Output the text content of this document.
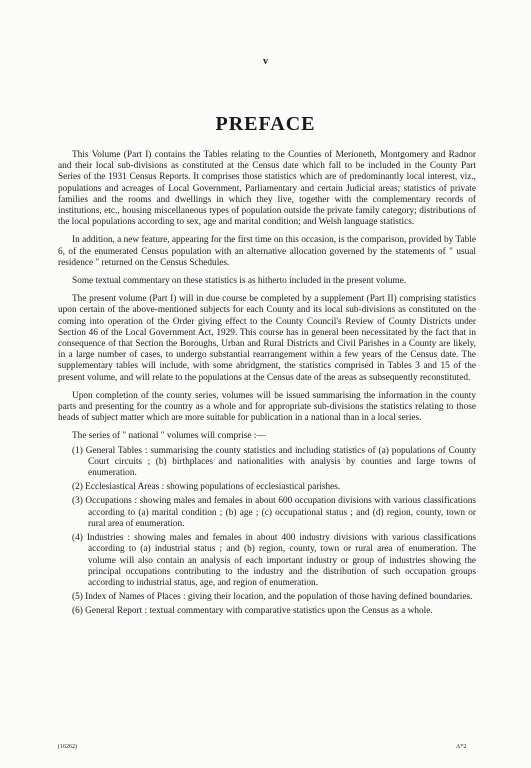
v
PREFACE

This Volume (Part I) contains the Tables relating to the Counties of Merioneth, Montgomery and Radnor and their local sub-divisions as constituted at the Census date which fall to be included in the County Part Series of the 1931 Census Reports. It comprises those statistics which are of predominantly local interest, viz., populations and acreages of Local Government, Parliamentary and certain Judicial areas; statistics of private families and the rooms and dwellings in which they live, together with the complementary records of institutions, etc., housing miscellaneous types of population outside the private family category; distributions of the local populations according to sex, age and marital condition; and Welsh language statistics.

In addition, a new feature, appearing for the first time on this occasion, is the comparison, provided by Table 6, of the enumerated Census population with an alternative allocation governed by the statements of " usual residence " returned on the Census Schedules.

Some textual commentary on these statistics is as hitherto included in the present volume.

The present volume (Part I) will in due course be completed by a supplement (Part II) comprising statistics upon certain of the above-mentioned subjects for each County and its local sub-divisions as constituted on the coming into operation of the Order giving effect to the County Council's Review of County Districts under Section 46 of the Local Government Act, 1929. This course has in general been necessitated by the fact that in consequence of that Section the Boroughs, Urban and Rural Districts and Civil Parishes in a County are likely, in a large number of cases, to undergo substantial rearrangement within a few years of the Census date. The supplementary tables will include, with some abridgment, the statistics comprised in Tables 3 and 15 of the present volume, and will relate to the populations at the Census date of the areas as subsequently reconstituted.

Upon completion of the county series, volumes will be issued summarising the information in the county parts and presenting for the country as a whole and for appropriate sub-divisions the statistics relating to those heads of subject matter which are more suitable for publication in a national than in a local series.

The series of " national " volumes will comprise :—

(1) General Tables : summarising the county statistics and including statistics of (a) populations of County Court circuits ; (b) birthplaces and nationalities with analysis by counties and large towns of enumeration.
(2) Ecclesiastical Areas : showing populations of ecclesiastical parishes.
(3) Occupations : showing males and females in about 600 occupation divisions with various classifications according to (a) marital condition ; (b) age ; (c) occupational status ; and (d) region, county, town or rural area of enumeration.
(4) Industries : showing males and females in about 400 industry divisions with various classifications according to (a) industrial status ; and (b) region, county, town or rural area of enumeration. The volume will also contain an analysis of each important industry or group of industries showing the principal occupations contributing to the industry and the distribution of such occupation groups according to industrial status, age, and region of enumeration.
(5) Index of Names of Places : giving their location, and the population of those having defined boundaries.
(6) General Report : textual commentary with comparative statistics upon the Census as a whole.
(16262)	A*2
